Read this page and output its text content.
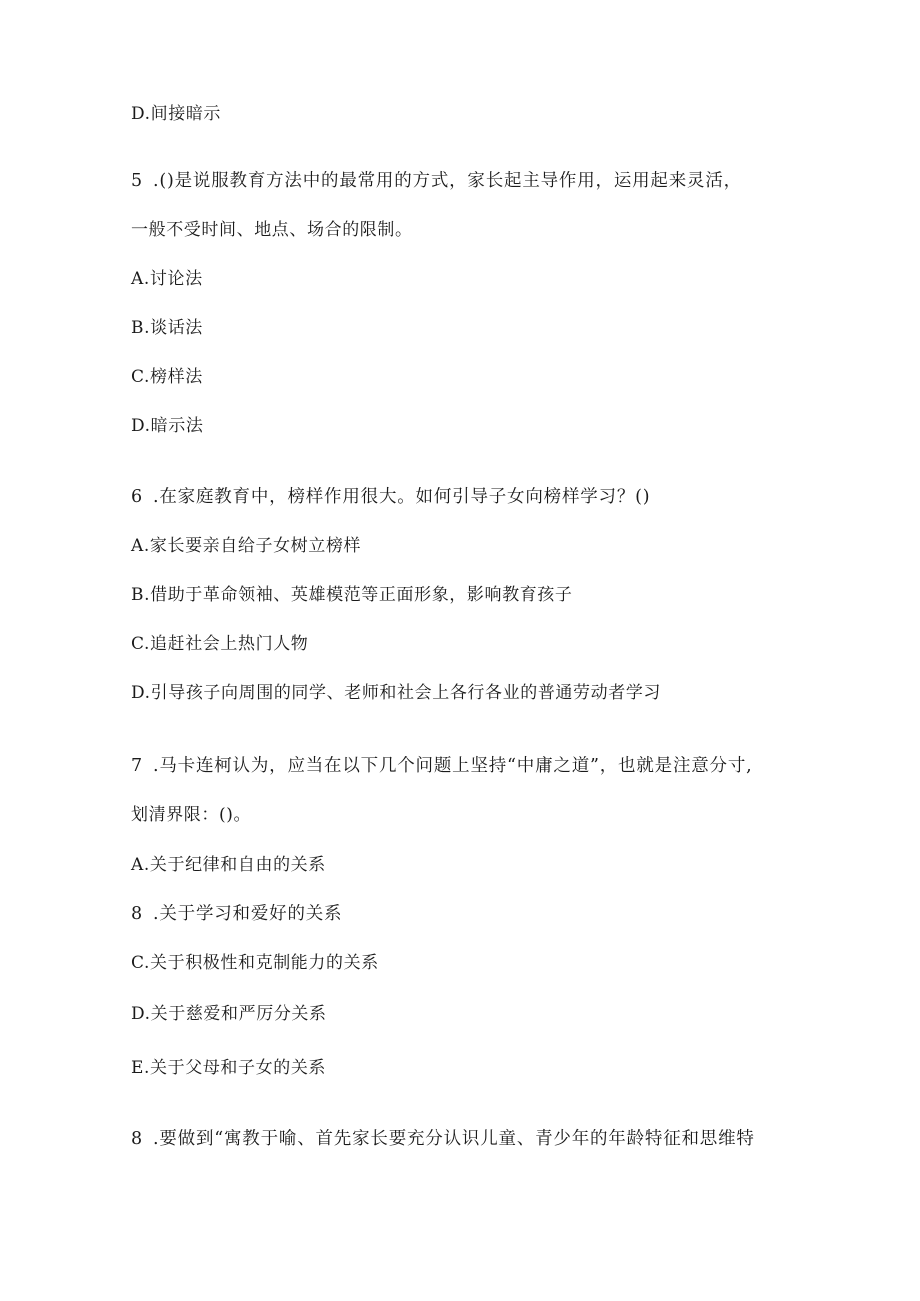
D.间接暗示
5 .()是说服教育方法中的最常用的方式，家长起主导作用，运用起来灵活，
一般不受时间、地点、场合的限制。
A.讨论法
B.谈话法
C.榜样法
D.暗示法
6 .在家庭教育中，榜样作用很大。如何引导子女向榜样学习？()
A.家长要亲自给子女树立榜样
B.借助于革命领袖、英雄模范等正面形象，影响教育孩子
C.追赶社会上热门人物
D.引导孩子向周围的同学、老师和社会上各行各业的普通劳动者学习
7 .马卡连柯认为，应当在以下几个问题上坚持“中庸之道”，也就是注意分寸,
划清界限：()。
A.关于纪律和自由的关系
8 .关于学习和爱好的关系
C.关于积极性和克制能力的关系
D.关于慈爱和严厉分关系
E.关于父母和子女的关系
8 .要做到“寓教于喻、首先家长要充分认识儿童、青少年的年龄特征和思维特
